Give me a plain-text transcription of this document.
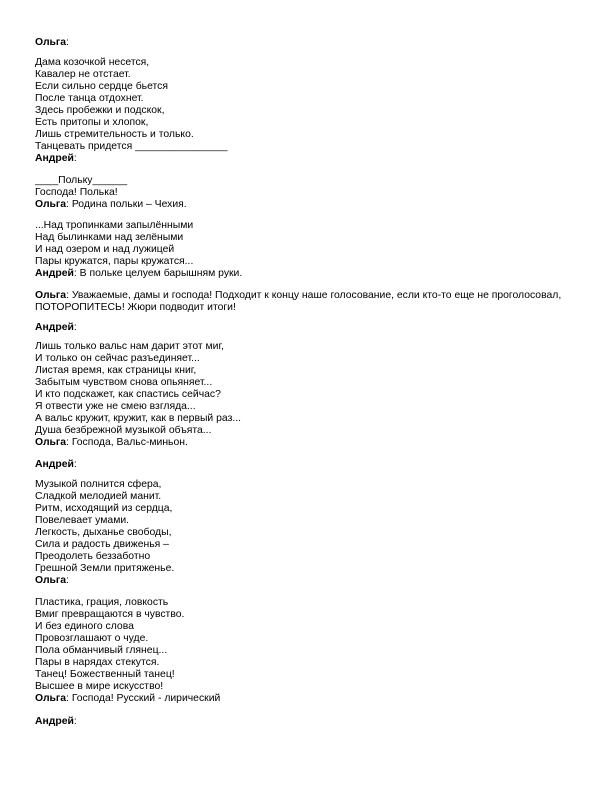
Ольга:
Дама козочкой несется,
Кавалер не отстает.
Если сильно сердце бьется
После танца отдохнет.
Здесь пробежки и подскок,
Есть притопы и хлопок,
Лишь стремительность и только.
Танцевать придется ________________
Андрей:
____Польку______
Господа! Полька!
Ольга: Родина польки – Чехия.
...Над тропинками запылёнными
Над былинками над зелёными
И над озером и над лужицей
Пары кружатся, пары кружатся...
Андрей: В польке целуем барышням руки.
Ольга: Уважаемые, дамы и господа! Подходит к концу наше голосование, если кто-то еще не проголосовал, ПОТОРОПИТЕСЬ! Жюри подводит итоги!
Андрей:
Лишь только вальс нам дарит этот миг,
И только он сейчас разъединяет...
Листая время, как страницы книг,
Забытым чувством снова опьяняет...
И кто подскажет, как спастись сейчас?
Я отвести уже не смею взгляда...
А вальс кружит, кружит, как в первый раз...
Душа безбрежной музыкой объята...
Ольга: Господа, Вальс-миньон.
Андрей:
Музыкой полнится сфера,
Сладкой мелодией манит.
Ритм, исходящий из сердца,
Повелевает умами.
Легкость, дыханье свободы,
Сила и радость движенья –
Преодолеть беззаботно
Грешной Земли притяженье.
Ольга:
Пластика, грация, ловкость
Вмиг превращаются в чувство.
И без единого слова
Провозглашают о чуде.
Пола обманчивый глянец...
Пары в нарядах стекутся.
Танец! Божественный танец!
Высшее в мире искусство!
Ольга: Господа! Русский - лирический
Андрей:
